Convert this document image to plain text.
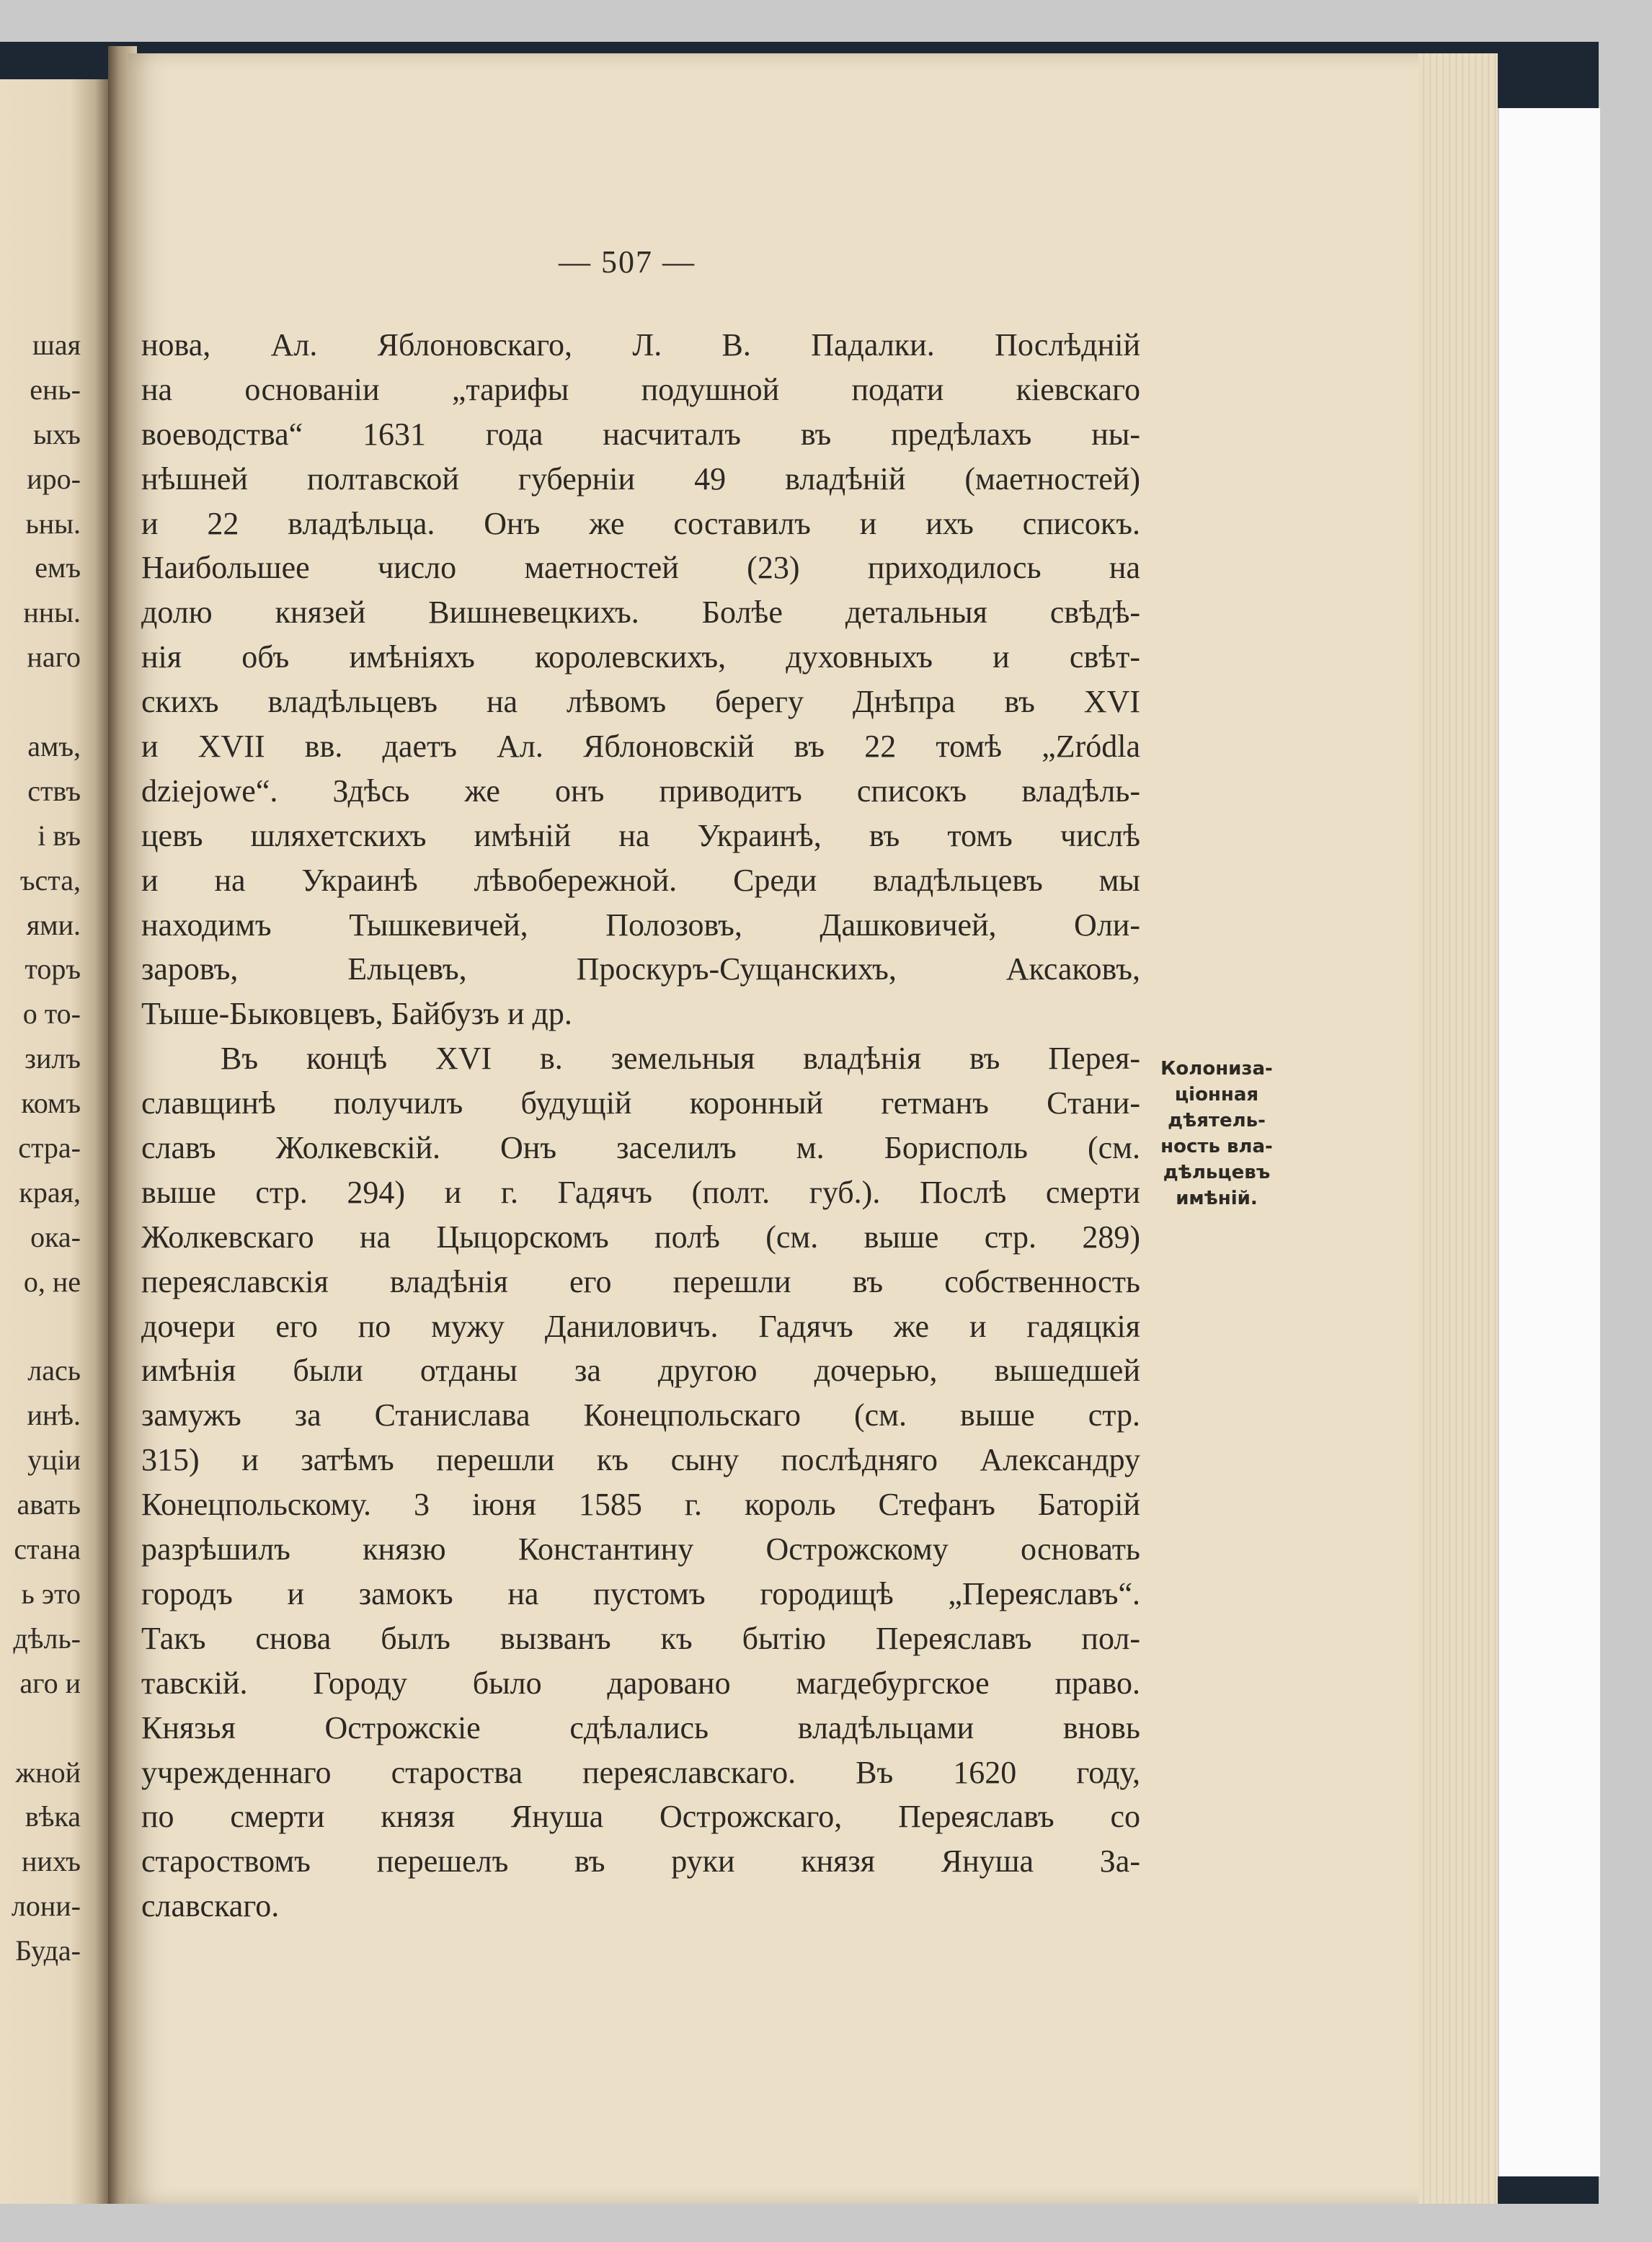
— 507 —
шая
ень-
ыхъ
иро-
ьны.
емъ
нны.
наго
амъ,
ствъ
і въ
ъста,
ями.
торъ
о то-
зилъ
комъ
стра-
края,
ока-
о, не
лась
инѣ.
уціи
авать
стана
ь это
дѣль-
аго и
жной
вѣка
нихъ
лони-
Буда-
нова, Ал. Яблоновскаго, Л. В. Падалки. Послѣдній
на основаніи „тарифы подушной подати кіевскаго
воеводства“ 1631 года насчиталъ въ предѣлахъ ны-
нѣшней полтавской губерніи 49 владѣній (маетностей)
и 22 владѣльца. Онъ же составилъ и ихъ списокъ.
Наибольшее число маетностей (23) приходилось на
долю князей Вишневецкихъ. Болѣе детальныя свѣдѣ-
нія объ имѣніяхъ королевскихъ, духовныхъ и свѣт-
скихъ владѣльцевъ на лѣвомъ берегу Днѣпра въ XVI
и XVII вв. даетъ Ал. Яблоновскій въ 22 томѣ „Zródla
dziejowe“. Здѣсь же онъ приводитъ списокъ владѣль-
цевъ шляхетскихъ имѣній на Украинѣ, въ томъ числѣ
и на Украинѣ лѣвобережной. Среди владѣльцевъ мы
находимъ Тышкевичей, Полозовъ, Дашковичей, Оли-
заровъ, Ельцевъ, Проскуръ-Сущанскихъ, Аксаковъ,
Тыше-Быковцевъ, Байбузъ и др.
Въ концѣ XVI в. земельныя владѣнія въ Перея-
славщинѣ получилъ будущій коронный гетманъ Стани-
славъ Жолкевскій. Онъ заселилъ м. Борисполь (см.
выше стр. 294) и г. Гадячъ (полт. губ.). Послѣ смерти
Жолкевскаго на Цыцорскомъ полѣ (см. выше стр. 289)
переяславскія владѣнія его перешли въ собственность
дочери его по мужу Даниловичъ. Гадячъ же и гадяцкія
имѣнія были отданы за другою дочерью, вышедшей
замужъ за Станислава Конецпольскаго (см. выше стр.
315) и затѣмъ перешли къ сыну послѣдняго Александру
Конецпольскому. 3 іюня 1585 г. король Стефанъ Баторій
разрѣшилъ князю Константину Острожскому основать
городъ и замокъ на пустомъ городищѣ „Переяславъ“.
Такъ снова былъ вызванъ къ бытію Переяславъ пол-
тавскій. Городу было даровано магдебургское право.
Князья Острожскіе сдѣлались владѣльцами вновь
учрежденнаго староства переяславскаго. Въ 1620 году,
по смерти князя Януша Острожскаго, Переяславъ со
староствомъ перешелъ въ руки князя Януша За-
славскаго.
Колониза-
ціонная
дѣятель-
ность вла-
дѣльцевъ
имѣній.
